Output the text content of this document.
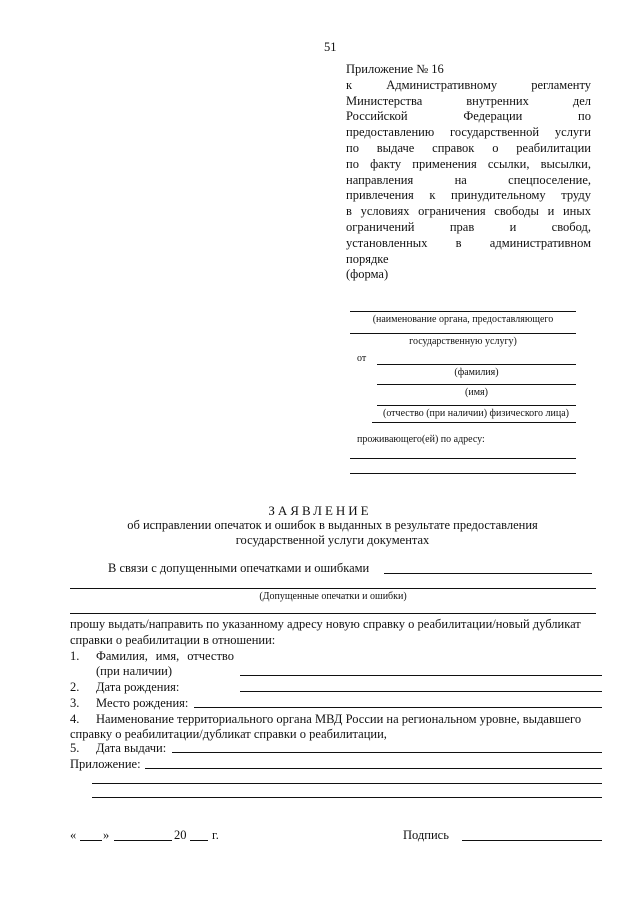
51
Приложение № 16
к Административному регламенту
Министерства внутренних дел
Российской Федерации по
предоставлению государственной услуги
по выдаче справок о реабилитации
по факту применения ссылки, высылки,
направления на спецпоселение,
привлечения к принудительному труду
в условиях ограничения свободы и иных
ограничений прав и свобод,
установленных в административном
порядке
(форма)
(наименование органа, предоставляющего
государственную услугу)
от
(фамилия)
(имя)
(отчество (при наличии) физического лица)
проживающего(ей) по адресу:
ЗАЯВЛЕНИЕ
об исправлении опечаток и ошибок в выданных в результате предоставления
государственной услуги документах
В связи с допущенными опечатками и ошибками
(Допущенные опечатки и ошибки)
прошу выдать/направить по указанному адресу новую справку о реабилитации/новый дубликат
справки о реабилитации в отношении:
1. Фамилия, имя, отчество
(при наличии)
2. Дата рождения:
3. Место рождения:
4. Наименование территориального органа МВД России на региональном уровне, выдавшего
справку о реабилитации/дубликат справки о реабилитации,
5. Дата выдачи:
Приложение:
« »	20 г.	Подпись
